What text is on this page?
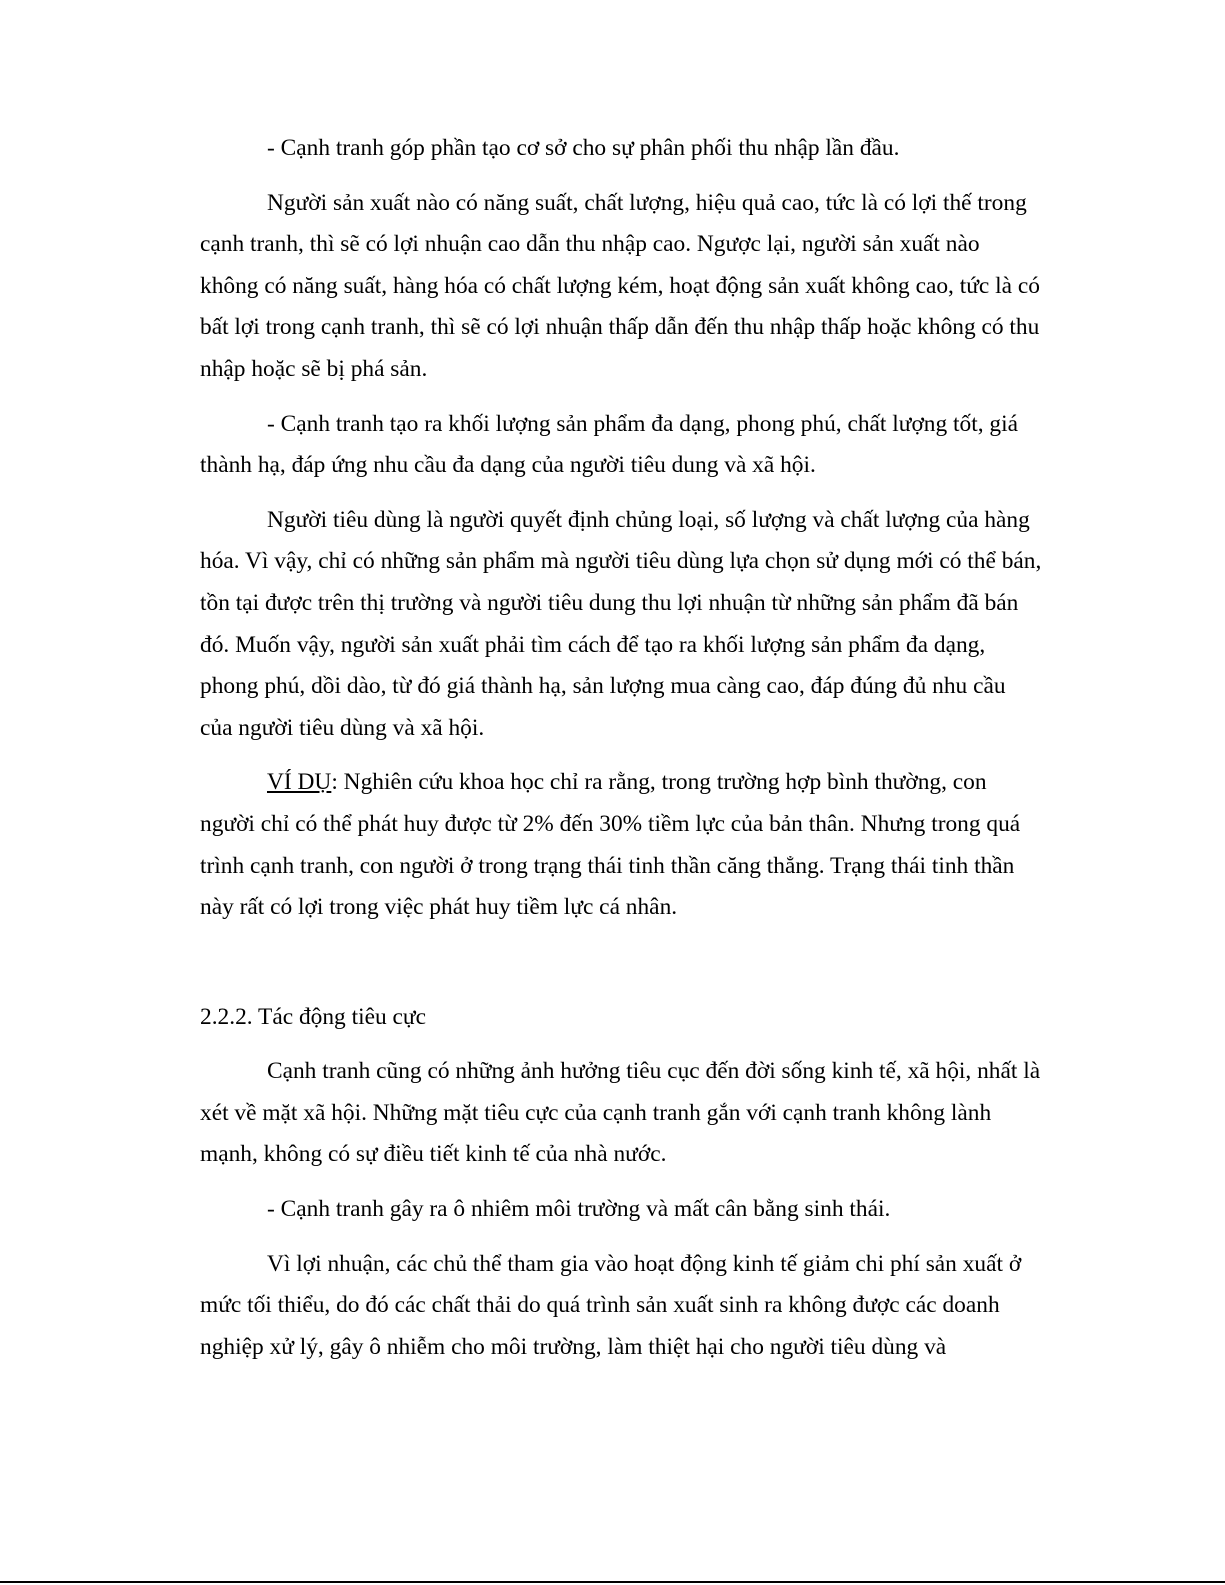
- Cạnh tranh góp phần tạo cơ sở cho sự phân phối thu nhập lần đầu.

Người sản xuất nào có năng suất, chất lượng, hiệu quả cao, tức là có lợi thế trong cạnh tranh, thì sẽ có lợi nhuận cao dẫn thu nhập cao. Ngược lại, người sản xuất nào không có năng suất, hàng hóa có chất lượng kém, hoạt động sản xuất không cao, tức là có bất lợi trong cạnh tranh, thì sẽ có lợi nhuận thấp dẫn đến thu nhập thấp hoặc không có thu nhập hoặc sẽ bị phá sản.

- Cạnh tranh tạo ra khối lượng sản phẩm đa dạng, phong phú, chất lượng tốt, giá thành hạ, đáp ứng nhu cầu đa dạng của người tiêu dung và xã hội.

Người tiêu dùng là người quyết định chủng loại, số lượng và chất lượng của hàng hóa. Vì vậy, chỉ có những sản phẩm mà người tiêu dùng lựa chọn sử dụng mới có thể bán, tồn tại được trên thị trường và người tiêu dung thu lợi nhuận từ những sản phẩm đã bán đó. Muốn vậy, người sản xuất phải tìm cách để tạo ra khối lượng sản phẩm đa dạng, phong phú, dồi dào, từ đó giá thành hạ, sản lượng mua càng cao, đáp đúng đủ nhu cầu của người tiêu dùng và xã hội.

VÍ DỤ: Nghiên cứu khoa học chỉ ra rằng, trong trường hợp bình thường, con người chỉ có thể phát huy được từ 2% đến 30% tiềm lực của bản thân. Nhưng trong quá trình cạnh tranh, con người ở trong trạng thái tinh thần căng thẳng. Trạng thái tinh thần này rất có lợi trong việc phát huy tiềm lực cá nhân.

2.2.2. Tác động tiêu cực

Cạnh tranh cũng có những ảnh hưởng tiêu cục đến đời sống kinh tế, xã hội, nhất là xét về mặt xã hội. Những mặt tiêu cực của cạnh tranh gắn với cạnh tranh không lành mạnh, không có sự điều tiết kinh tế của nhà nước.

- Cạnh tranh gây ra ô nhiêm môi trường và mất cân bằng sinh thái.

Vì lợi nhuận, các chủ thể tham gia vào hoạt động kinh tế giảm chi phí sản xuất ở mức tối thiểu, do đó các chất thải do quá trình sản xuất sinh ra không được các doanh nghiệp xử lý, gây ô nhiễm cho môi trường, làm thiệt hại cho người tiêu dùng và
